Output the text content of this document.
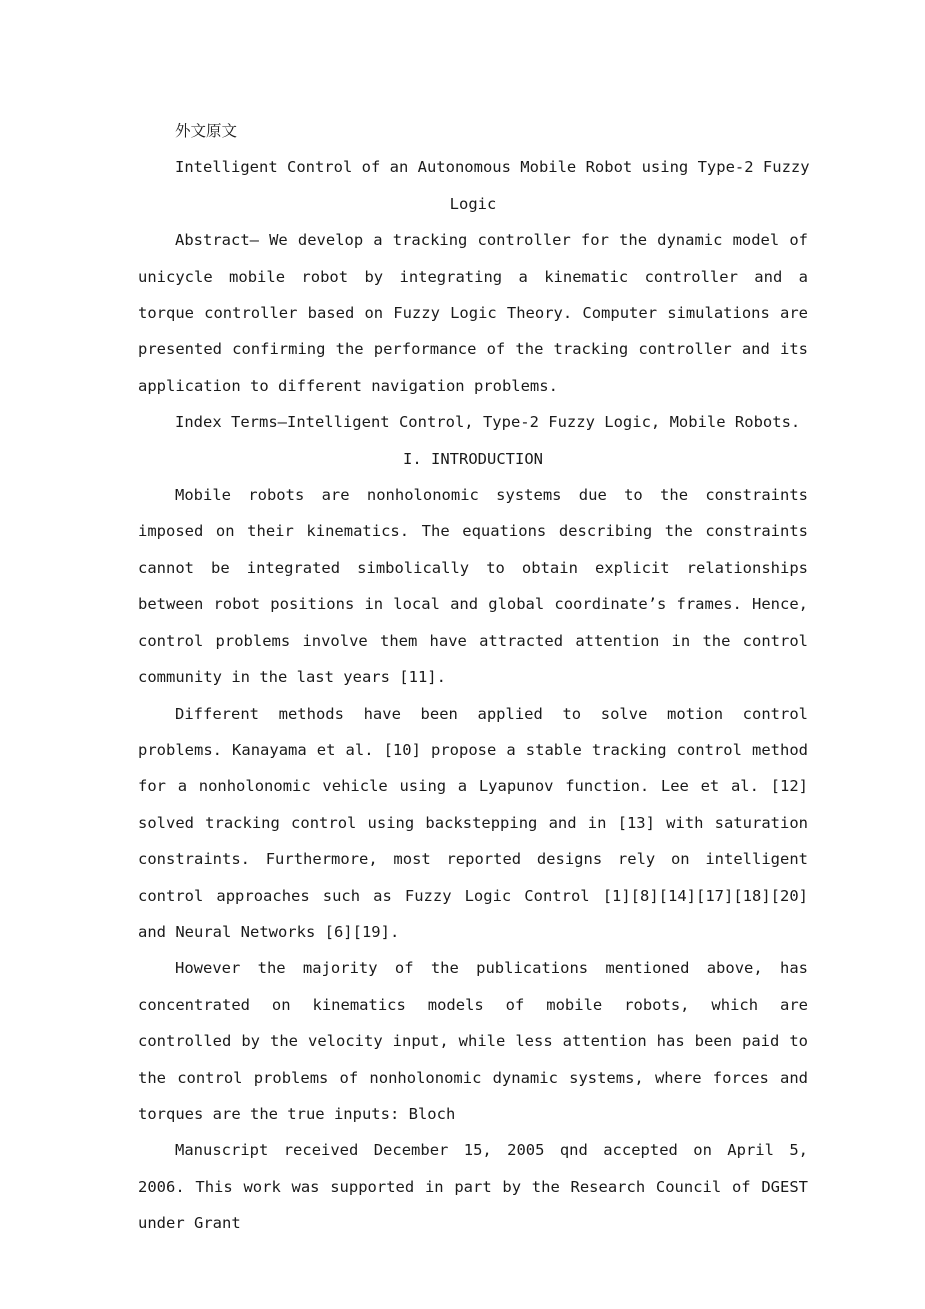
外文原文

Intelligent Control of an Autonomous Mobile Robot using Type-2 Fuzzy

Logic

Abstract— We develop a tracking controller for the dynamic model of unicycle mobile robot by integrating a kinematic controller and a torque controller based on Fuzzy Logic Theory. Computer simulations are presented confirming the performance of the tracking controller and its application to different navigation problems.

Index Terms—Intelligent Control, Type-2 Fuzzy Logic, Mobile Robots.

I. INTRODUCTION

Mobile robots are nonholonomic systems due to the constraints imposed on their kinematics. The equations describing the constraints cannot be integrated simbolically to obtain explicit relationships between robot positions in local and global coordinate’s frames. Hence, control problems involve them have attracted attention in the control community in the last years [11].

Different methods have been applied to solve motion control problems. Kanayama et al. [10] propose a stable tracking control method for a nonholonomic vehicle using a Lyapunov function. Lee et al. [12] solved tracking control using backstepping and in [13] with saturation constraints. Furthermore, most reported designs rely on intelligent control approaches such as Fuzzy Logic Control [1][8][14][17][18][20] and Neural Networks [6][19].

However the majority of the publications mentioned above, has concentrated on kinematics models of mobile robots, which are controlled by the velocity input, while less attention has been paid to the control problems of nonholonomic dynamic systems, where forces and torques are the true inputs: Bloch

Manuscript received December 15, 2005 qnd accepted on April 5, 2006. This work was supported in part by the Research Council of DGEST under Grant
